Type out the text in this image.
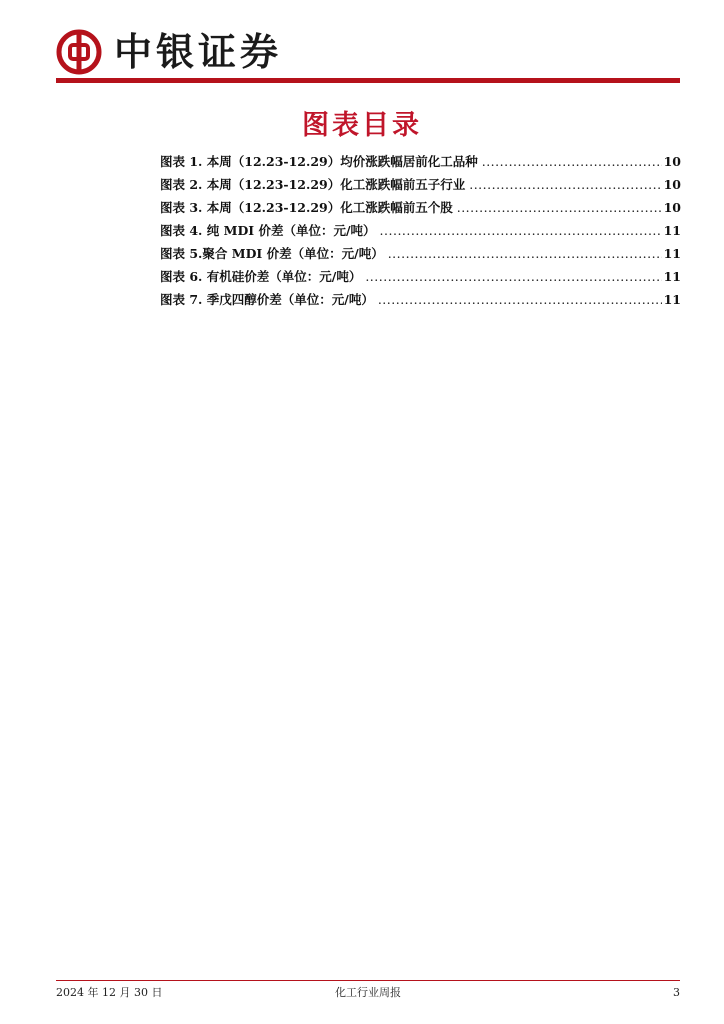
中银证券
图表目录
图表 1. 本周（12.23-12.29）均价涨跌幅居前化工品种 .....	10
图表 2. 本周（12.23-12.29）化工涨跌幅前五子行业 .....	10
图表 3. 本周（12.23-12.29）化工涨跌幅前五个股 .....	10
图表 4. 纯 MDI 价差（单位：元/吨） .....	11
图表 5.聚合 MDI 价差（单位：元/吨） .....	11
图表 6. 有机硅价差（单位：元/吨） .....	11
图表 7. 季戊四醇价差（单位：元/吨） .....	11
2024 年 12 月 30 日	化工行业周报	3
